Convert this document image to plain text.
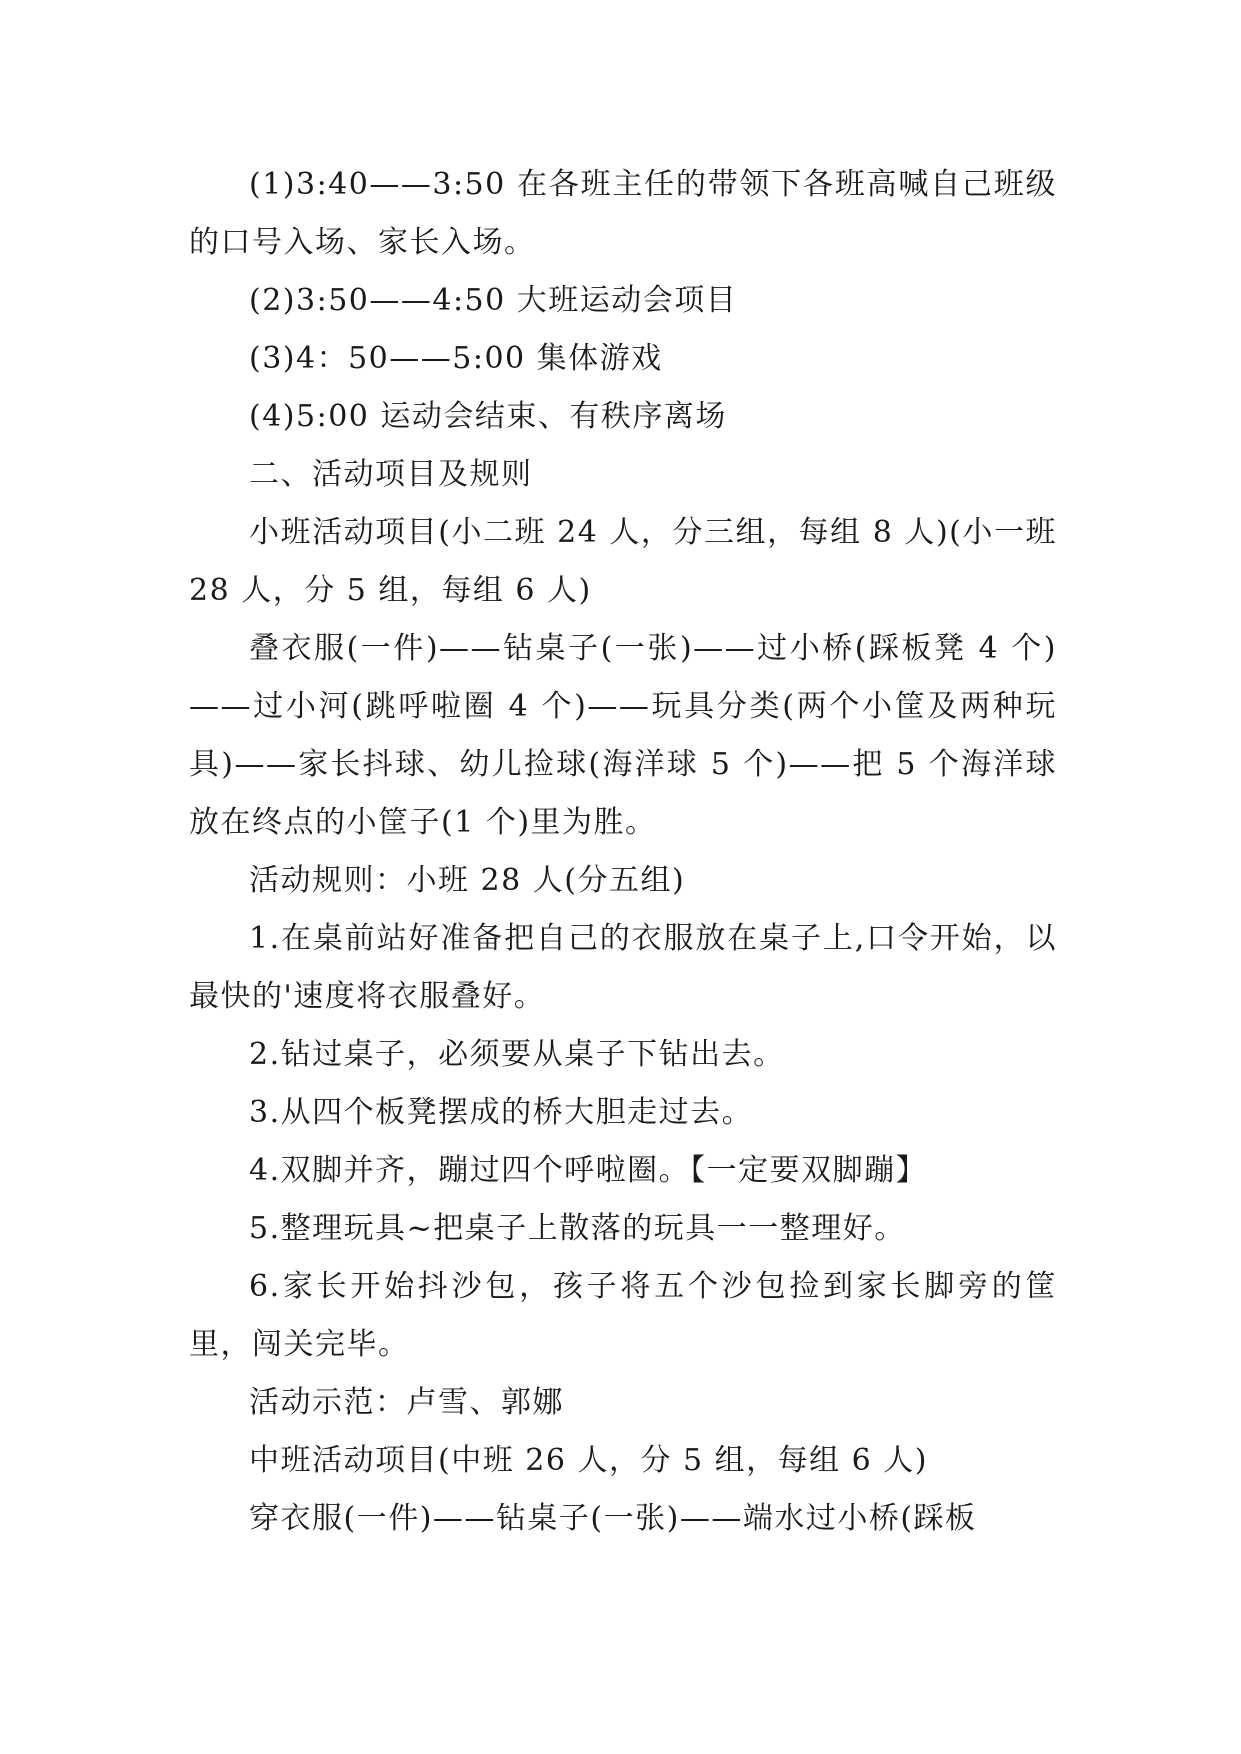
(1)3:40——3:50 在各班主任的带领下各班高喊自己班级的口号入场、家长入场。

(2)3:50——4:50 大班运动会项目

(3)4：50——5:00 集体游戏

(4)5:00 运动会结束、有秩序离场

二、活动项目及规则

小班活动项目(小二班 24 人，分三组，每组 8 人)(小一班 28 人，分 5 组，每组 6 人)

叠衣服(一件)——钻桌子(一张)——过小桥(踩板凳 4 个)——过小河(跳呼啦圈 4 个)——玩具分类(两个小筐及两种玩具)——家长抖球、幼儿捡球(海洋球 5 个)——把 5 个海洋球放在终点的小筐子(1 个)里为胜。

活动规则：小班 28 人(分五组)

1.在桌前站好准备把自己的衣服放在桌子上,口令开始，以最快的'速度将衣服叠好。

2.钻过桌子，必须要从桌子下钻出去。

3.从四个板凳摆成的桥大胆走过去。

4.双脚并齐，蹦过四个呼啦圈。【一定要双脚蹦】

5.整理玩具~把桌子上散落的玩具一一整理好。

6.家长开始抖沙包，孩子将五个沙包捡到家长脚旁的筐里，闯关完毕。

活动示范：卢雪、郭娜

中班活动项目(中班 26 人，分 5 组，每组 6 人)

穿衣服(一件)——钻桌子(一张)——端水过小桥(踩板
